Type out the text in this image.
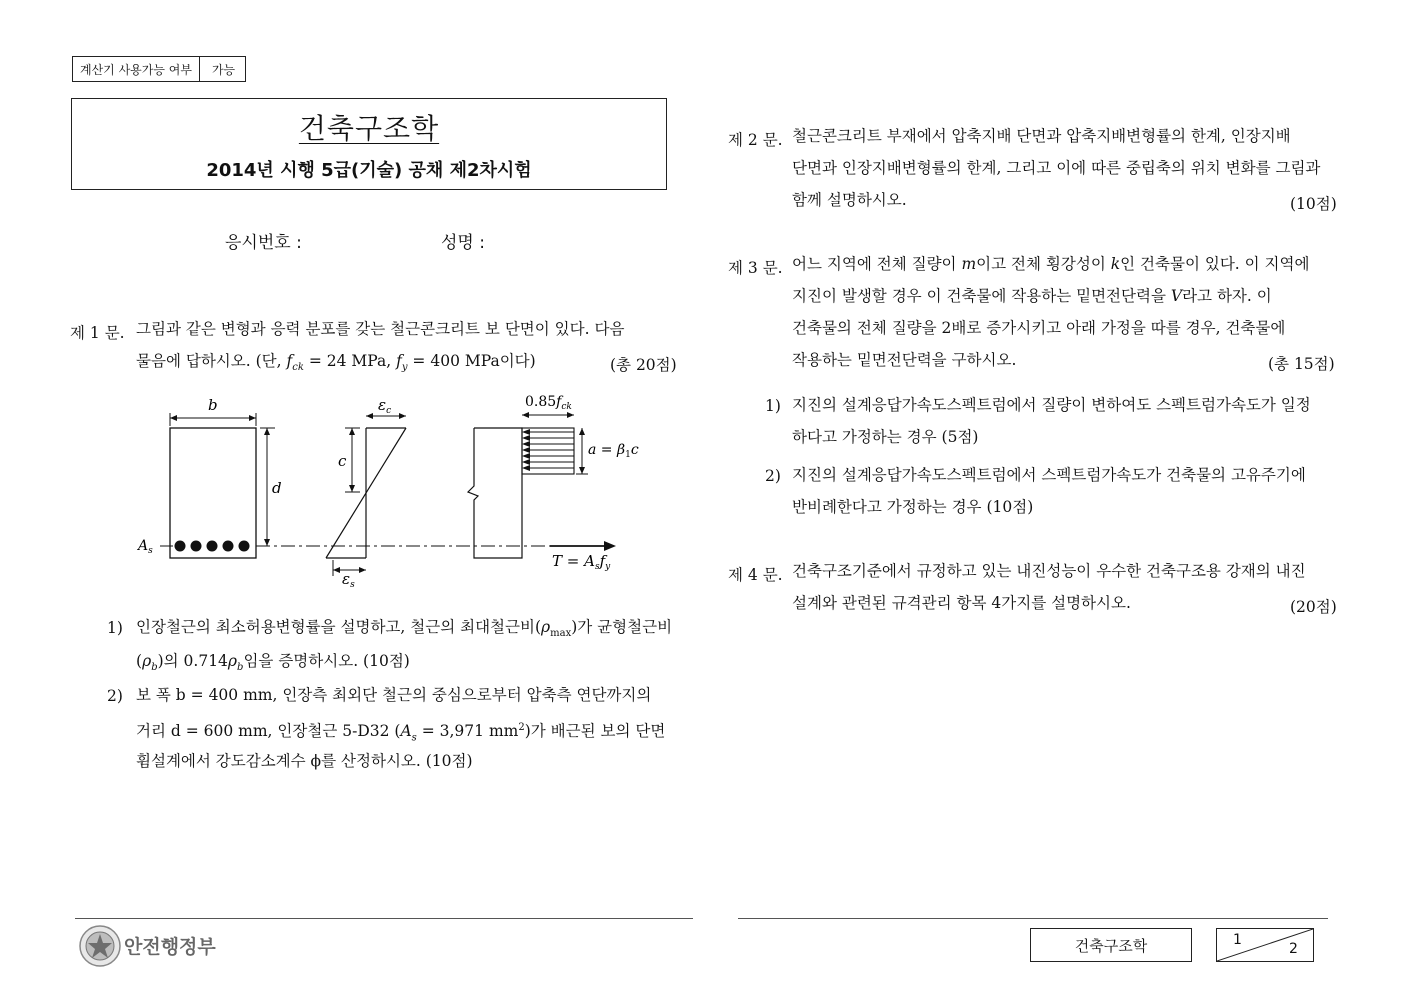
계산기 사용가능 여부	가능
건축구조학
2014년 시행 5급(기술) 공채 제2차시험
응시번호 :	성명 :
제 1 문. 그림과 같은 변형과 응력 분포를 갖는 철근콘크리트 보 단면이 있다. 다음
물음에 답하시오. (단, $f_{ck} = 24$ MPa, $f_y = 400$ MPa이다)	(총 20점)
b
d
$A_s$
$\varepsilon_c$
c
$\varepsilon_s$
$0.85f_{ck}$
$a = \beta_1c$
$T = A_sf_y$
1) 인장철근의 최소허용변형률을 설명하고, 철근의 최대철근비$(\rho_{max})$가 균형철근비
$(\rho_b)$의 $0.714\rho_b$임을 증명하시오. (10점)
2) 보 폭 b = 400 mm, 인장측 최외단 철근의 중심으로부터 압축측 연단까지의
거리 d = 600 mm, 인장철근 5-D32 ($A_s = 3,971$ $mm^2$)가 배근된 보의 단면
휨설계에서 강도감소계수 ϕ를 산정하시오. (10점)
제 2 문. 철근콘크리트 부재에서 압축지배 단면과 압축지배변형률의 한계, 인장지배
단면과 인장지배변형률의 한계, 그리고 이에 따른 중립축의 위치 변화를 그림과
함께 설명하시오.	(10점)
제 3 문. 어느 지역에 전체 질량이 m이고 전체 횡강성이 k인 건축물이 있다. 이 지역에
지진이 발생할 경우 이 건축물에 작용하는 밑면전단력을 V라고 하자. 이
건축물의 전체 질량을 2배로 증가시키고 아래 가정을 따를 경우, 건축물에
작용하는 밑면전단력을 구하시오.	(총 15점)
1) 지진의 설계응답가속도스펙트럼에서 질량이 변하여도 스펙트럼가속도가 일정
하다고 가정하는 경우 (5점)
2) 지진의 설계응답가속도스펙트럼에서 스펙트럼가속도가 건축물의 고유주기에
반비례한다고 가정하는 경우 (10점)
제 4 문. 건축구조기준에서 규정하고 있는 내진성능이 우수한 건축구조용 강재의 내진
설계와 관련된 규격관리 항목 4가지를 설명하시오.	(20점)
안전행정부	건축구조학	1
2
